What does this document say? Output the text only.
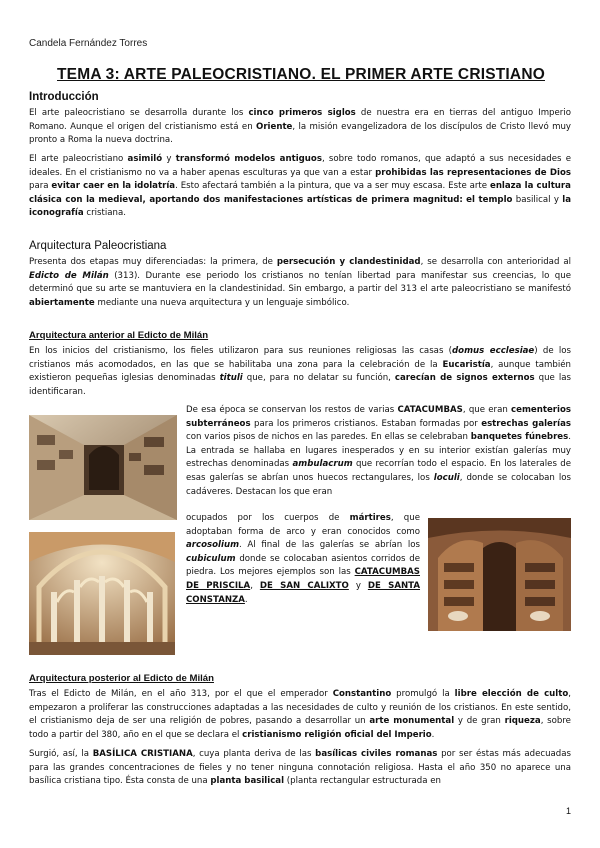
Candela Fernández Torres
TEMA 3: ARTE PALEOCRISTIANO. EL PRIMER ARTE CRISTIANO
Introducción

El arte paleocristiano se desarrolla durante los cinco primeros siglos de nuestra era en tierras del antiguo Imperio Romano. Aunque el origen del cristianismo está en Oriente, la misión evangelizadora de los discípulos de Cristo llevó muy pronto a Roma la nueva doctrina.

El arte paleocristiano asimiló y transformó modelos antiguos, sobre todo romanos, que adaptó a sus necesidades e ideales. En el cristianismo no va a haber apenas esculturas ya que van a estar prohibidas las representaciones de Dios para evitar caer en la idolatría. Esto afectará también a la pintura, que va a ser muy escasa. Este arte enlaza la cultura clásica con la medieval, aportando dos manifestaciones artísticas de primera magnitud: el templo basilical y la iconografía cristiana.

Arquitectura Paleocristiana

Presenta dos etapas muy diferenciadas: la primera, de persecución y clandestinidad, se desarrolla con anterioridad al Edicto de Milán (313). Durante ese periodo los cristianos no tenían libertad para manifestar sus creencias, lo que determinó que su arte se mantuviera en la clandestinidad. Sin embargo, a partir del 313 el arte paleocristiano se manifestó abiertamente mediante una nueva arquitectura y un lenguaje simbólico.

Arquitectura anterior al Edicto de Milán

En los inicios del cristianismo, los fieles utilizaron para sus reuniones religiosas las casas (domus ecclesiae) de los cristianos más acomodados, en las que se habilitaba una zona para la celebración de la Eucaristía, aunque también existieron pequeñas iglesias denominadas tituli que, para no delatar su función, carecían de signos externos que las identificaran.

De esa época se conservan los restos de varias CATACUMBAS, que eran cementerios subterráneos para los primeros cristianos. Estaban formadas por estrechas galerías con varios pisos de nichos en las paredes. En ellas se celebraban banquetes fúnebres. La entrada se hallaba en lugares inesperados y en su interior existían galerías muy estrechas denominadas ambulacrum que recorrían todo el espacio. En los laterales de esas galerías se abrían unos huecos rectangulares, los loculi, donde se colocaban los cadáveres. Destacan los que eran

ocupados por los cuerpos de mártires, que adoptaban forma de arco y eran conocidos como arcosolium. Al final de las galerías se abrían los cubiculum donde se colocaban asientos corridos de piedra. Los mejores ejemplos son las CATACUMBAS DE PRISCILA, DE SAN CALIXTO y DE SANTA CONSTANZA.

Arquitectura posterior al Edicto de Milán

Tras el Edicto de Milán, en el año 313, por el que el emperador Constantino promulgó la libre elección de culto, empezaron a proliferar las construcciones adaptadas a las necesidades de culto y reunión de los cristianos. En este sentido, el cristianismo deja de ser una religión de pobres, pasando a desarrollar un arte monumental y de gran riqueza, sobre todo a partir del 380, año en el que se declara el cristianismo religión oficial del Imperio.

Surgió, así, la BASÍLICA CRISTIANA, cuya planta deriva de las basílicas civiles romanas por ser éstas más adecuadas para las grandes concentraciones de fieles y no tener ninguna connotación religiosa. Hasta el año 350 no aparece una basílica cristiana tipo. Ésta consta de una planta basilical (planta rectangular estructurada en

1
